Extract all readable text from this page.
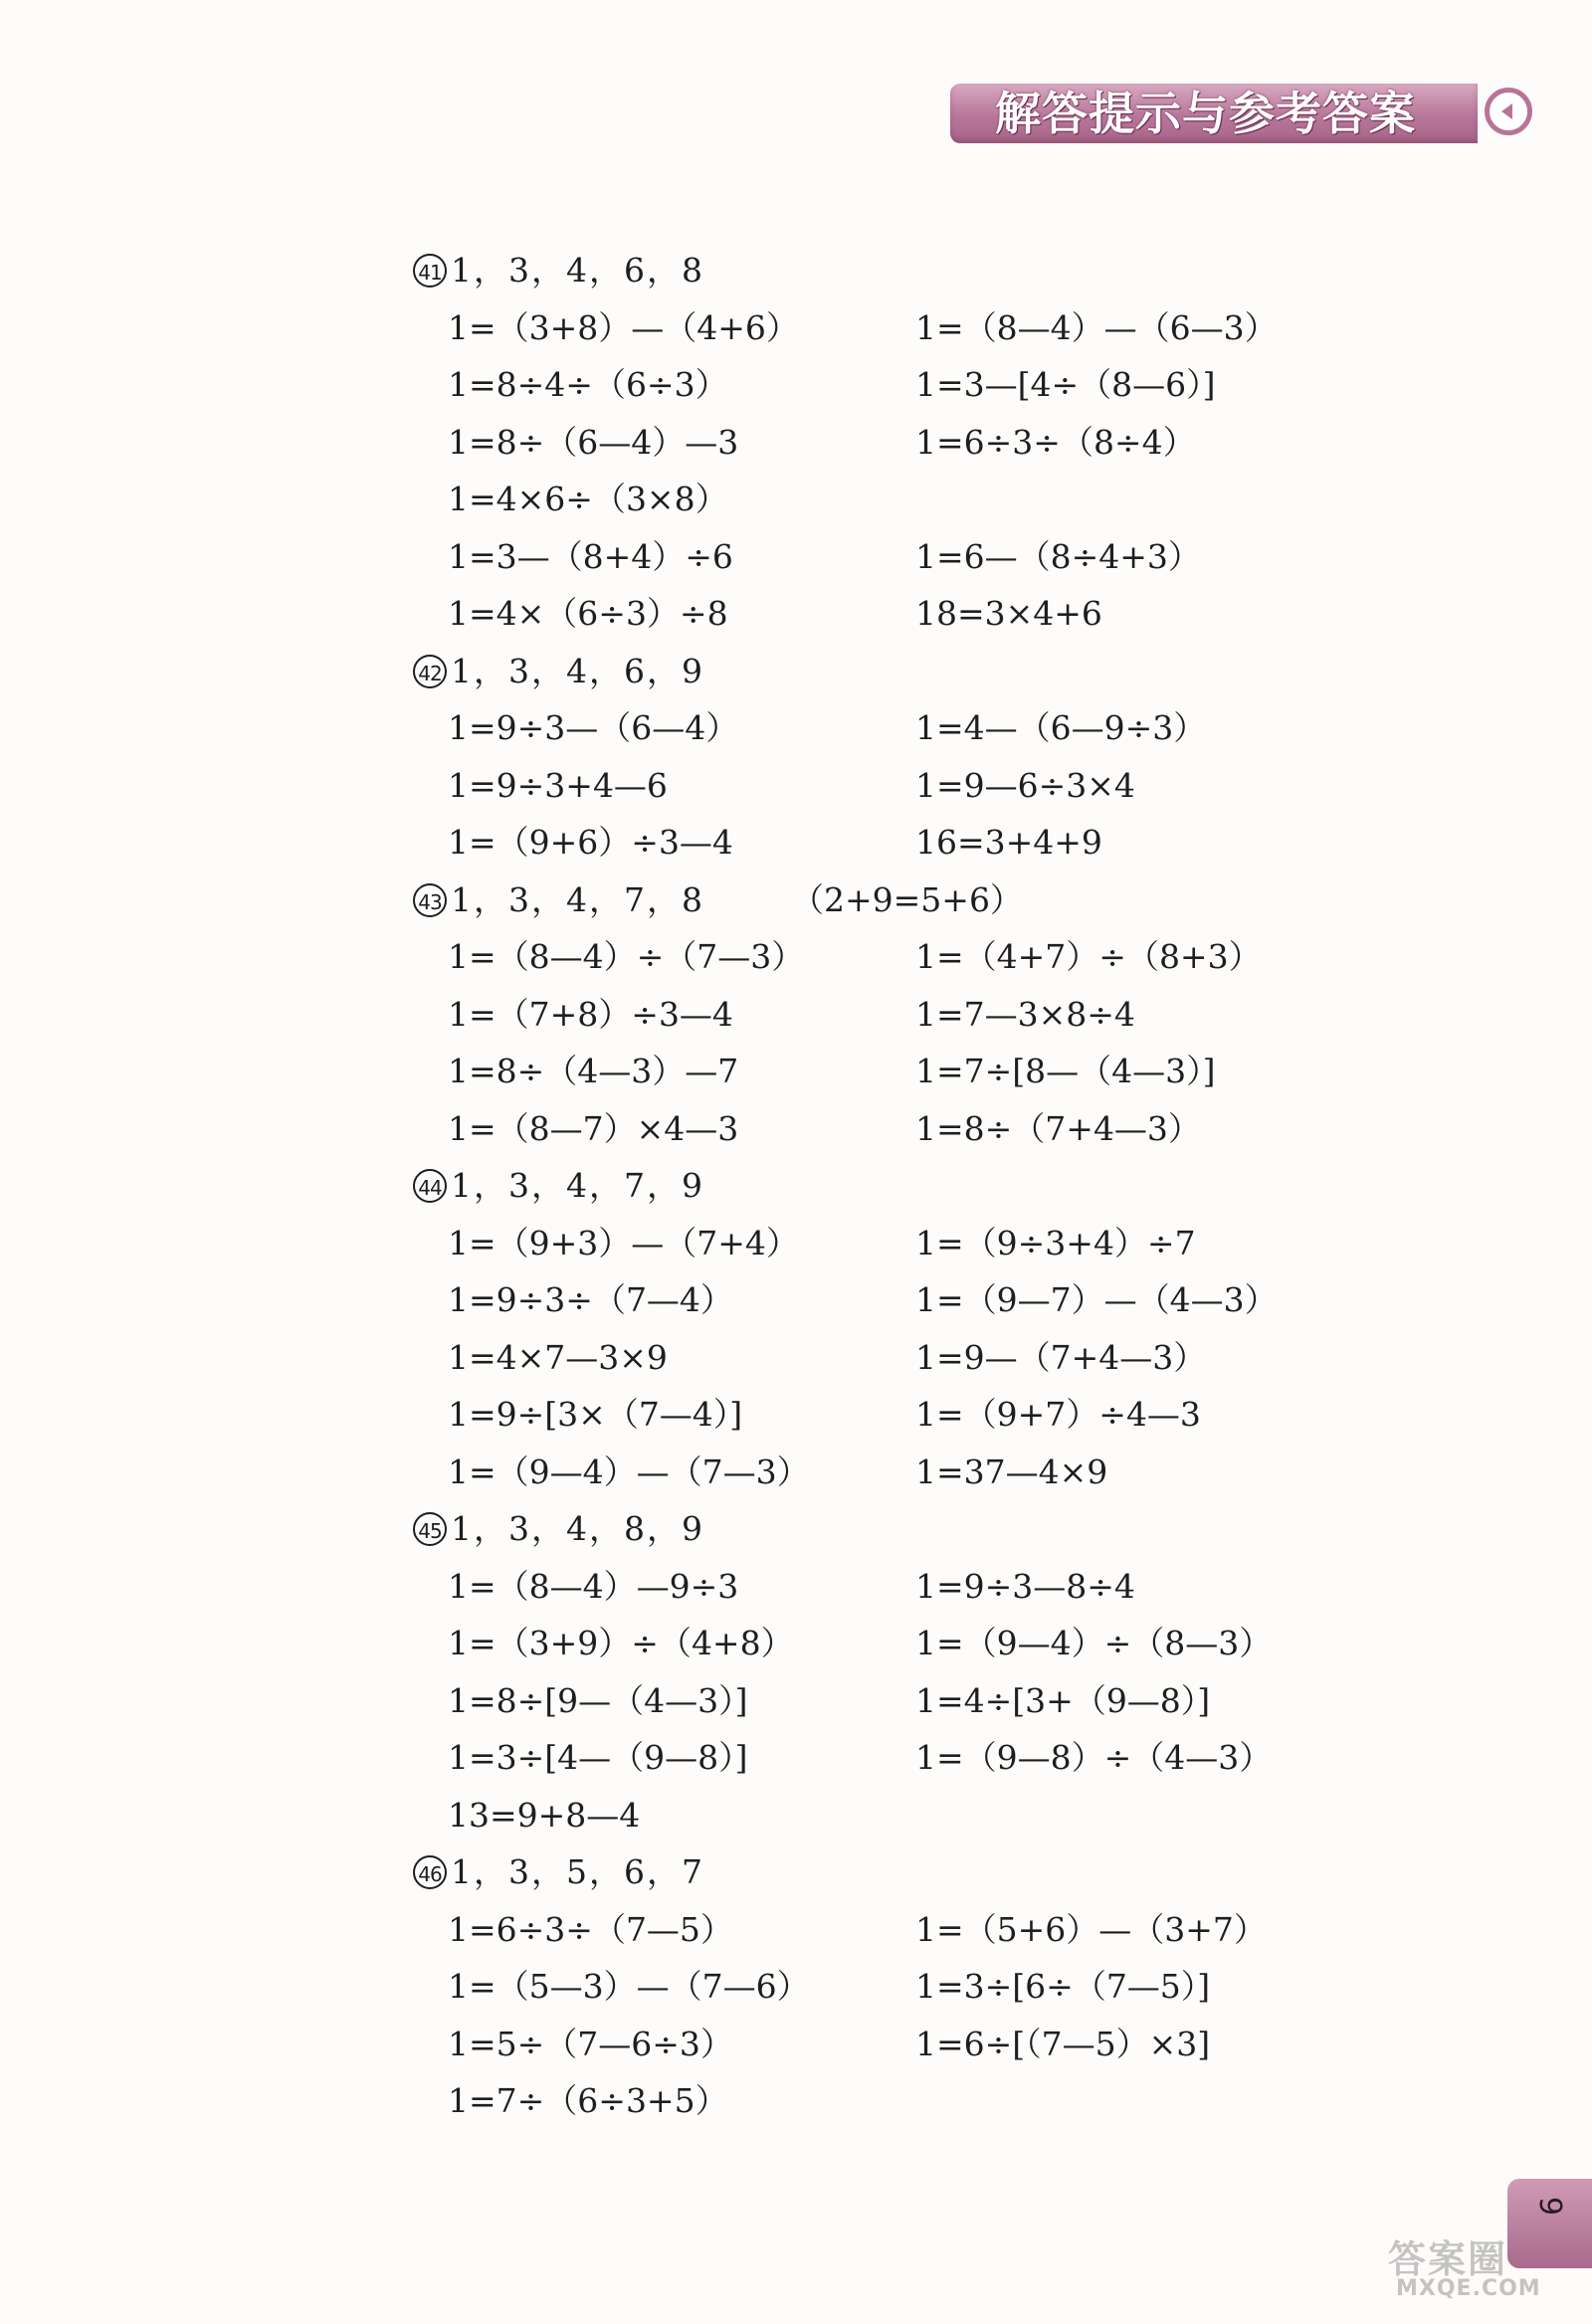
解答提示与参考答案
41 1，3，4，6，8
1=（3+8）—（4+6）	1=（8—4）—（6—3）
1=8÷4÷（6÷3）	1=3—[4÷（8—6）]
1=8÷（6—4）—3	1=6÷3÷（8÷4）
1=4×6÷（3×8）
1=3—（8+4）÷6	1=6—（8÷4+3）
1=4×（6÷3）÷8	18=3×4+6
42 1，3，4，6，9
1=9÷3—（6—4）	1=4—（6—9÷3）
1=9÷3+4—6	1=9—6÷3×4
1=（9+6）÷3—4	16=3+4+9
43 1，3，4，7，8	（2+9=5+6）
1=（8—4）÷（7—3）	1=（4+7）÷（8+3）
1=（7+8）÷3—4	1=7—3×8÷4
1=8÷（4—3）—7	1=7÷[8—（4—3）]
1=（8—7）×4—3	1=8÷（7+4—3）
44 1，3，4，7，9
1=（9+3）—（7+4）	1=（9÷3+4）÷7
1=9÷3÷（7—4）	1=（9—7）—（4—3）
1=4×7—3×9	1=9—（7+4—3）
1=9÷[3×（7—4）]	1=（9+7）÷4—3
1=（9—4）—（7—3）	1=37—4×9
45 1，3，4，8，9
1=（8—4）—9÷3	1=9÷3—8÷4
1=（3+9）÷（4+8）	1=（9—4）÷（8—3）
1=8÷[9—（4—3）]	1=4÷[3+（9—8）]
1=3÷[4—（9—8）]	1=（9—8）÷（4—3）
13=9+8—4
46 1，3，5，6，7
1=6÷3÷（7—5）	1=（5+6）—（3+7）
1=（5—3）—（7—6）	1=3÷[6÷（7—5）]
1=5÷（7—6÷3）	1=6÷[（7—5）×3]
1=7÷（6÷3+5）
9
答案圈
MXQE.COM
